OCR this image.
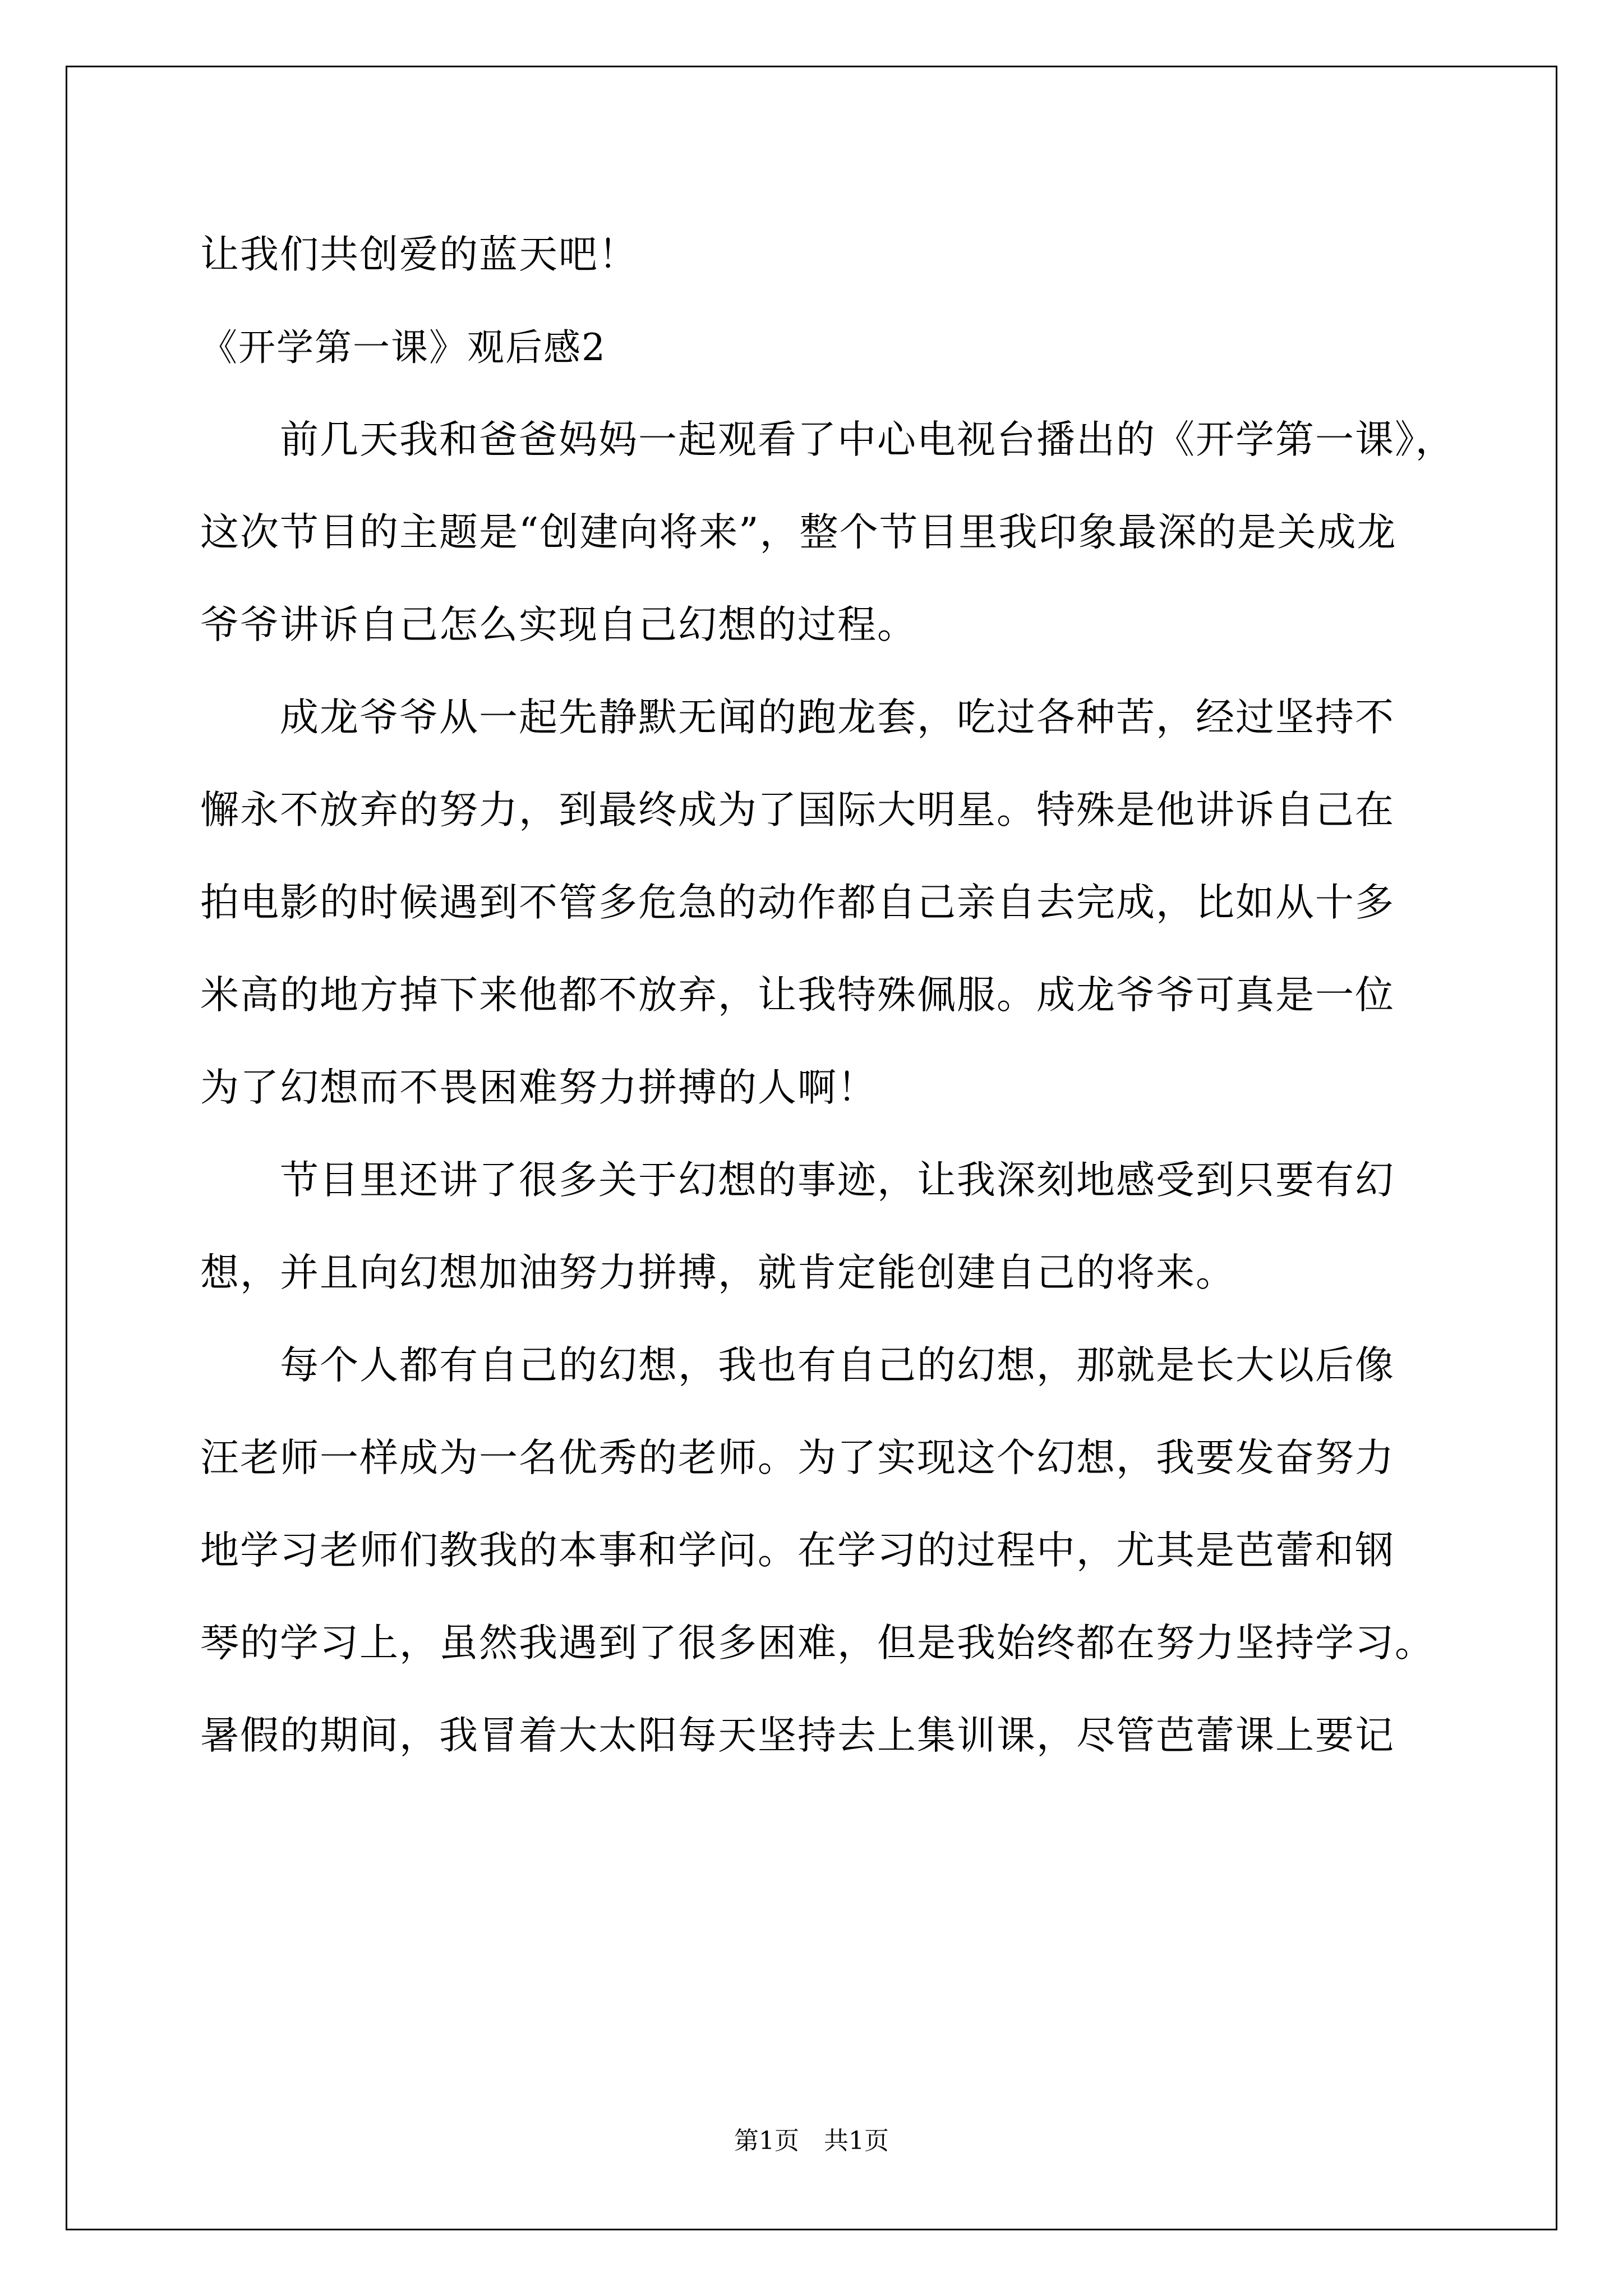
让我们共创爱的蓝天吧！
《开学第一课》观后感2
　　前几天我和爸爸妈妈一起观看了中心电视台播出的《开学第一课》，
这次节目的主题是“创建向将来”，整个节目里我印象最深的是关成龙
爷爷讲诉自己怎么实现自己幻想的过程。
　　成龙爷爷从一起先静默无闻的跑龙套，吃过各种苦，经过坚持不
懈永不放弃的努力，到最终成为了国际大明星。特殊是他讲诉自己在
拍电影的时候遇到不管多危急的动作都自己亲自去完成，比如从十多
米高的地方掉下来他都不放弃，让我特殊佩服。成龙爷爷可真是一位
为了幻想而不畏困难努力拼搏的人啊！
　　节目里还讲了很多关于幻想的事迹，让我深刻地感受到只要有幻
想，并且向幻想加油努力拼搏，就肯定能创建自己的将来。
　　每个人都有自己的幻想，我也有自己的幻想，那就是长大以后像
汪老师一样成为一名优秀的老师。为了实现这个幻想，我要发奋努力
地学习老师们教我的本事和学问。在学习的过程中，尤其是芭蕾和钢
琴的学习上，虽然我遇到了很多困难，但是我始终都在努力坚持学习。
暑假的期间，我冒着大太阳每天坚持去上集训课，尽管芭蕾课上要记
第1页　共1页
